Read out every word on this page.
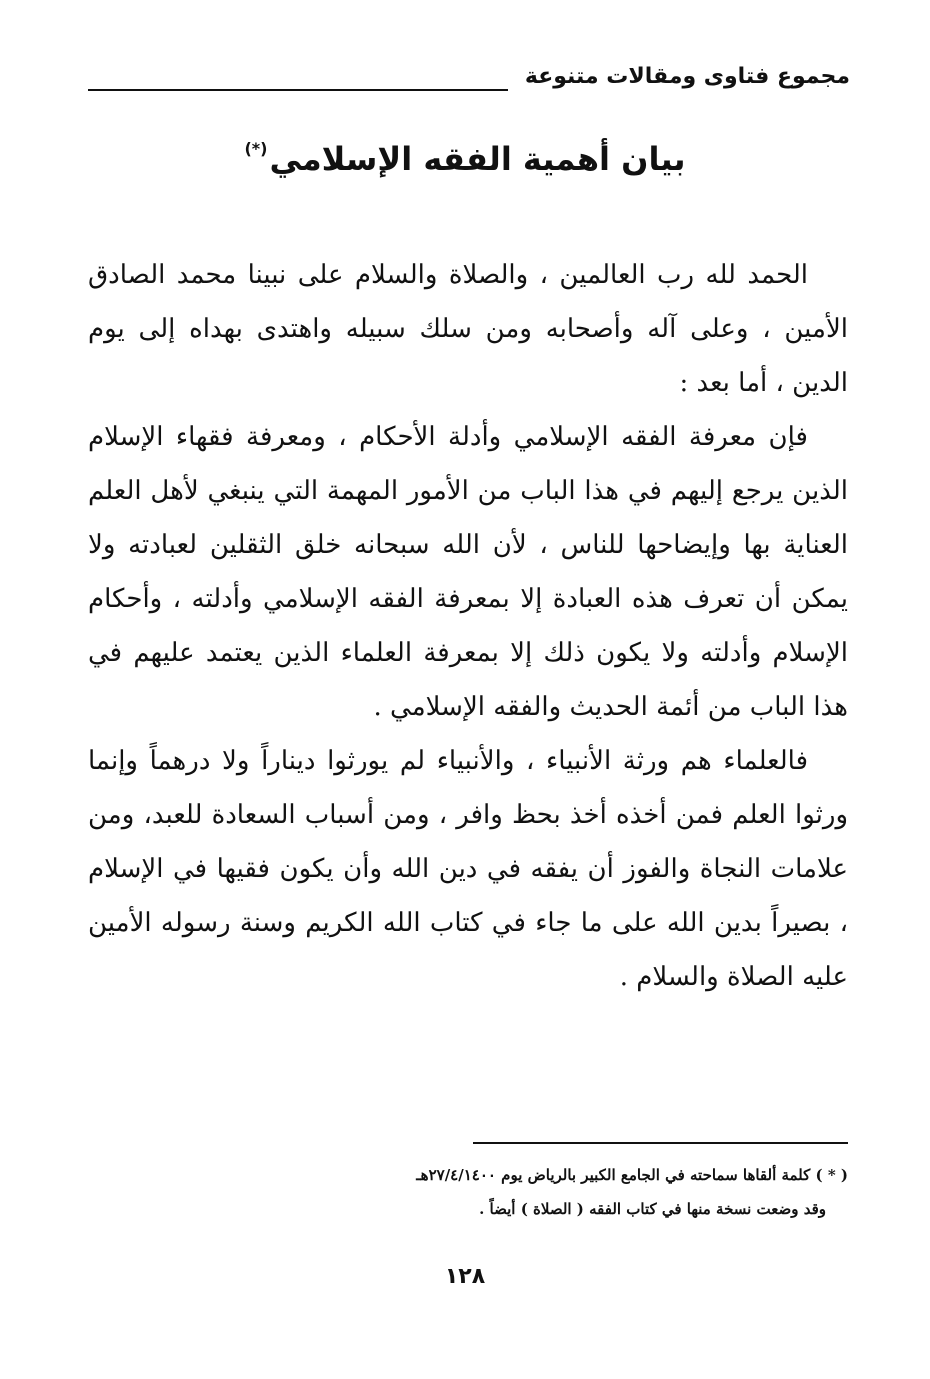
مجموع فتاوى ومقالات متنوعة
بيان أهمية الفقه الإسلامي(*)

الحمد لله رب العالمين ، والصلاة والسلام على نبينا محمد الصادق الأمين ، وعلى آله وأصحابه ومن سلك سبيله واهتدى بهداه إلى يوم الدين ، أما بعد :

فإن معرفة الفقه الإسلامي وأدلة الأحكام ، ومعرفة فقهاء الإسلام الذين يرجع إليهم في هذا الباب من الأمور المهمة التي ينبغي لأهل العلم العناية بها وإيضاحها للناس ، لأن الله سبحانه خلق الثقلين لعبادته ولا يمكن أن تعرف هذه العبادة إلا بمعرفة الفقه الإسلامي وأدلته ، وأحكام الإسلام وأدلته ولا يكون ذلك إلا بمعرفة العلماء الذين يعتمد عليهم في هذا الباب من أئمة الحديث والفقه الإسلامي .

فالعلماء هم ورثة الأنبياء ، والأنبياء لم يورثوا ديناراً ولا درهماً وإنما ورثوا العلم فمن أخذه أخذ بحظ وافر ، ومن أسباب السعادة للعبد، ومن علامات النجاة والفوز أن يفقه في دين الله وأن يكون فقيها في الإسلام ، بصيراً بدين الله على ما جاء في كتاب الله الكريم وسنة رسوله الأمين عليه الصلاة والسلام .

( * ) كلمة ألقاها سماحته في الجامع الكبير بالرياض يوم ٢٧/٤/١٤٠٠هـ

وقد وضعت نسخة منها في كتاب الفقه ( الصلاة ) أيضاً .

١٢٨
